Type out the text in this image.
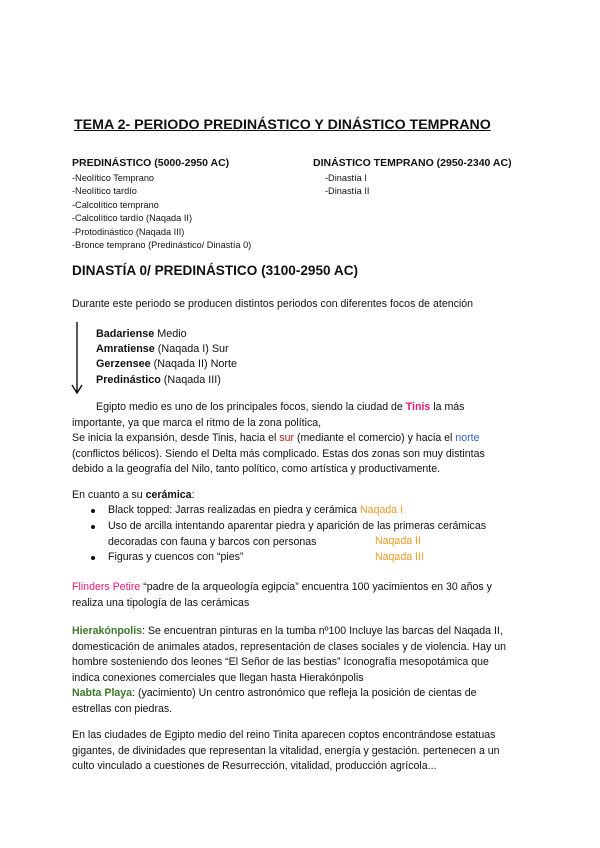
TEMA 2- PERIODO PREDINÁSTICO Y DINÁSTICO TEMPRANO
PREDINÁSTICO (5000-2950 AC)
-Neolítico Temprano
-Neolítico tardío
-Calcolítico temprano
-Calcolítico tardío (Naqada II)
-Protodinástico (Naqada III)
-Bronce temprano (Predinástico/ Dinastía 0)
DINÁSTICO TEMPRANO (2950-2340 AC)
-Dinastía I
-Dinastía II
DINASTÍA 0/ PREDINÁSTICO (3100-2950 AC)
Durante este periodo se producen distintos periodos con diferentes focos de atención
Badariense Medio
Amratiense (Naqada I) Sur
Gerzensee (Naqada II) Norte
Predinástico (Naqada III)
Egipto medio es uno de los principales focos, siendo la ciudad de Tinis la más
importante, ya que marca el ritmo de la zona política,
Se inicia la expansión, desde Tinis, hacia el sur (mediante el comercio) y hacia el norte
(conflictos bélicos). Siendo el Delta más complicado. Estas dos zonas son muy distintas
debido a la geografía del Nilo, tanto político, como artística y productivamente.
En cuanto a su cerámica:
Black topped: Jarras realizadas en piedra y cerámica Naqada I
Uso de arcilla intentando aparentar piedra y aparición de las primeras cerámicas
decoradas con fauna y barcos con personas	Naqada II
Figuras y cuencos con “pies”	Naqada III
Flinders Petire “padre de la arqueología egipcia” encuentra 100 yacimientos en 30 años y
realiza una tipología de las cerámicas
Hierakónpolis: Se encuentran pinturas en la tumba nº100 Incluye las barcas del Naqada II,
domesticación de animales atados, representación de clases sociales y de violencia. Hay un
hombre sosteniendo dos leones “El Señor de las bestias” Iconografía mesopotámica que
indica conexiones comerciales que llegan hasta Hierakónpolis
Nabta Playa: (yacimiento) Un centro astronómico que refleja la posición de cientas de
estrellas con piedras.
En las ciudades de Egipto medio del reino Tinita aparecen coptos encontrándose estatuas
gigantes, de divinidades que representan la vitalidad, energía y gestación. pertenecen a un
culto vinculado a cuestiones de Resurrección, vitalidad, producción agrícola...
